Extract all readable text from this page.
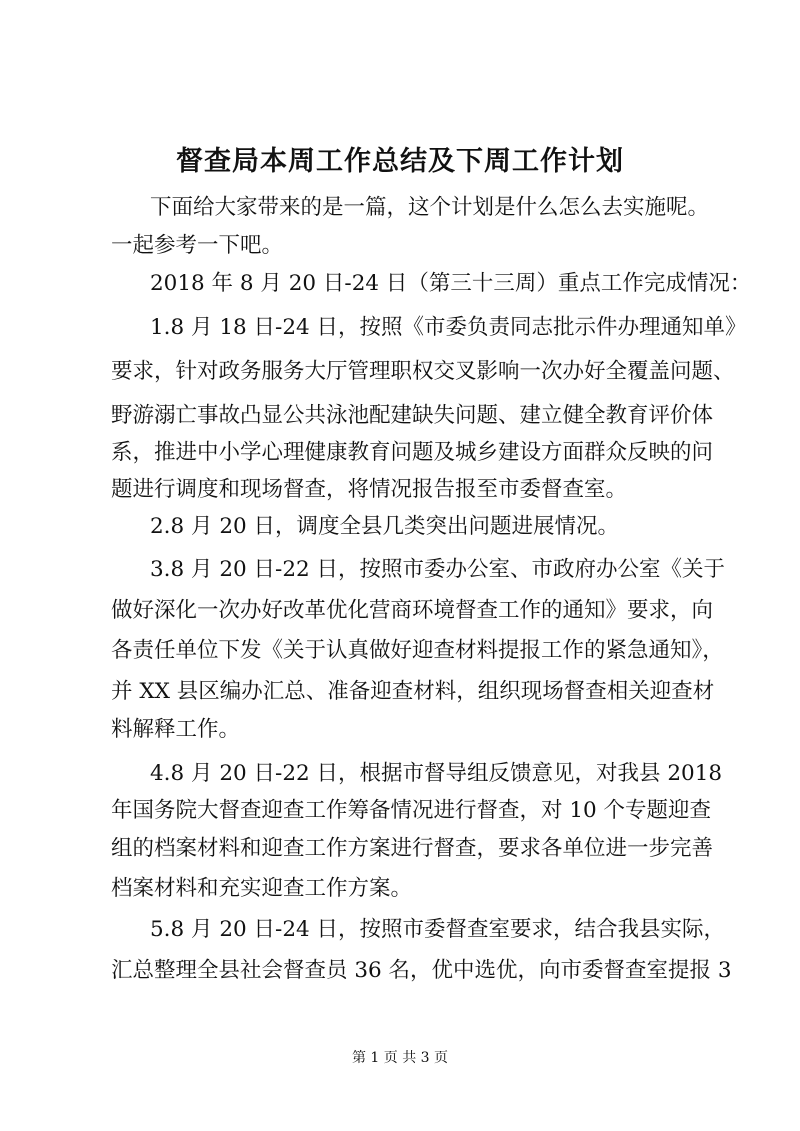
督查局本周工作总结及下周工作计划
下面给大家带来的是一篇，这个计划是什么怎么去实施呢。
一起参考一下吧。
2018 年 8 月 20 日-24 日（第三十三周）重点工作完成情况：
1.8 月 18 日-24 日，按照《市委负责同志批示件办理通知单》
要求，针对政务服务大厅管理职权交叉影响一次办好全覆盖问题、
野游溺亡事故凸显公共泳池配建缺失问题、建立健全教育评价体
系，推进中小学心理健康教育问题及城乡建设方面群众反映的问
题进行调度和现场督查，将情况报告报至市委督查室。
2.8 月 20 日，调度全县几类突出问题进展情况。
3.8 月 20 日-22 日，按照市委办公室、市政府办公室《关于
做好深化一次办好改革优化营商环境督查工作的通知》要求，向
各责任单位下发《关于认真做好迎查材料提报工作的紧急通知》，
并 XX 县区编办汇总、准备迎查材料，组织现场督查相关迎查材
料解释工作。
4.8 月 20 日-22 日，根据市督导组反馈意见，对我县 2018
年国务院大督查迎查工作筹备情况进行督查，对 10 个专题迎查
组的档案材料和迎查工作方案进行督查，要求各单位进一步完善
档案材料和充实迎查工作方案。
5.8 月 20 日-24 日，按照市委督查室要求，结合我县实际，
汇总整理全县社会督查员 36 名，优中选优，向市委督查室提报 3
第 1 页 共 3 页
